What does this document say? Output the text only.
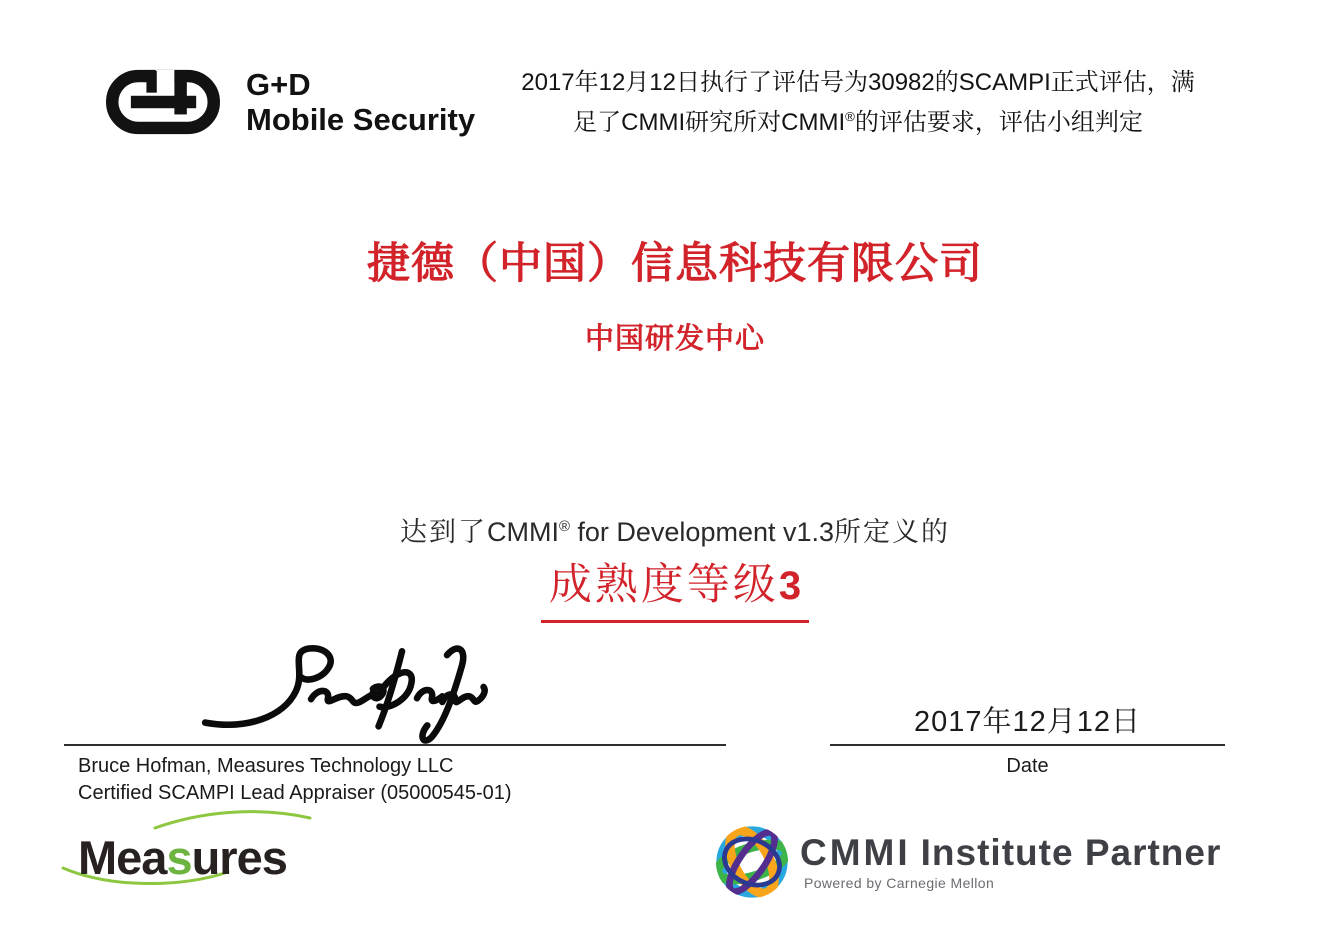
G+D
Mobile Security
2017年12月12日执行了评估号为30982的SCAMPI正式评估，满
足了CMMI研究所对CMMI®的评估要求，评估小组判定
捷德（中国）信息科技有限公司
中国研发中心
达到了CMMI® for Development v1.3所定义的
成熟度等级3
Bruce Hofman, Measures Technology LLC
Certified SCAMPI Lead Appraiser (05000545-01)
2017年12月12日
Date
Measures	CMMI Institute Partner
Powered by Carnegie Mellon
